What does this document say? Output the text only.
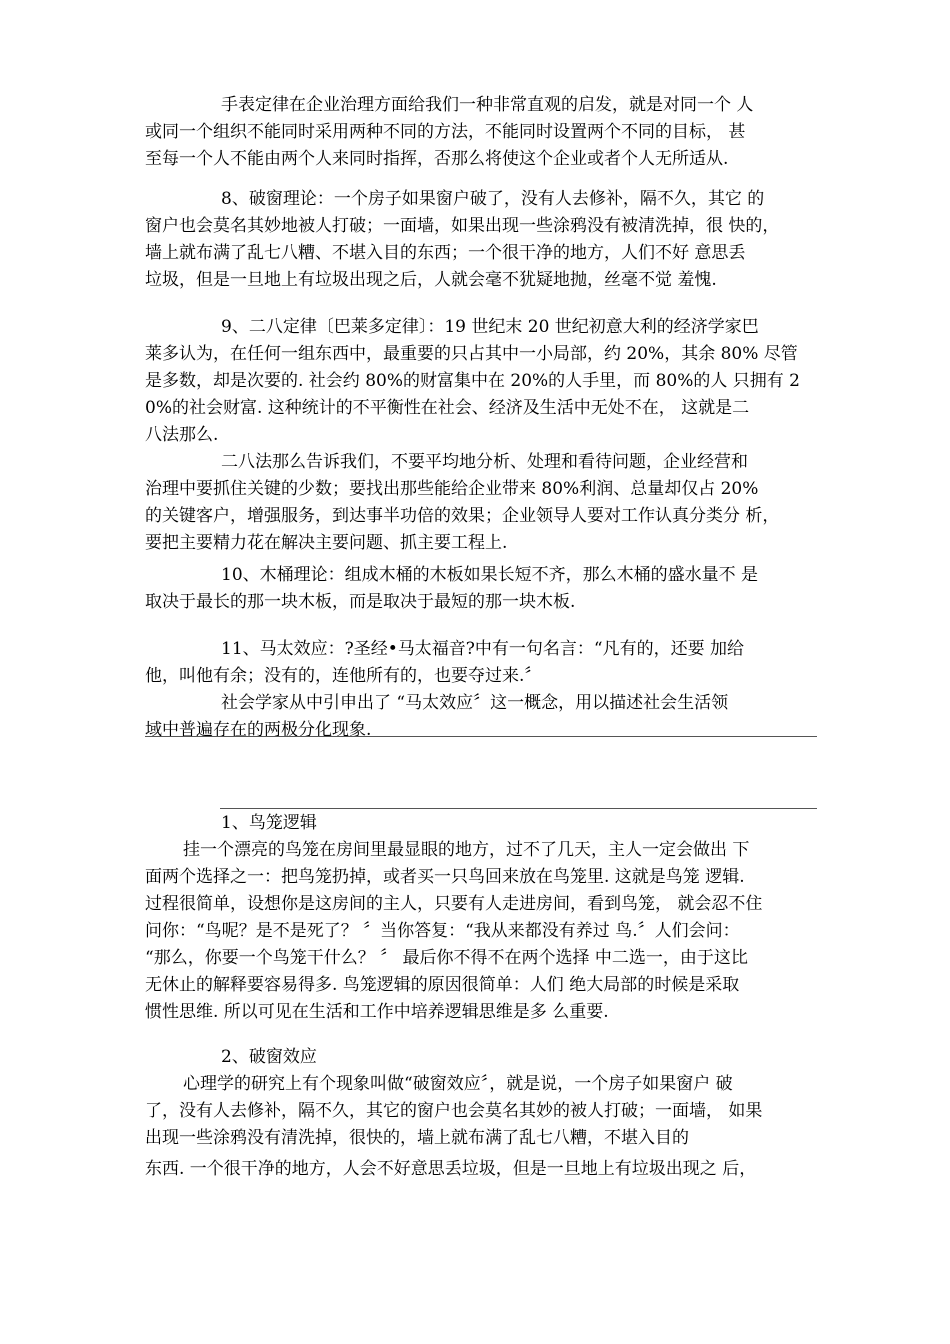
手表定律在企业治理方面给我们一种非常直观的启发，就是对同一个 人
或同一个组织不能同时采用两种不同的方法，不能同时设置两个不同的目标， 甚
至每一个人不能由两个人来同时指挥，否那么将使这个企业或者个人无所适从.
8、破窗理论：一个房子如果窗户破了，没有人去修补，隔不久，其它 的
窗户也会莫名其妙地被人打破；一面墙，如果出现一些涂鸦没有被清洗掉，很 快的，
墙上就布满了乱七八糟、不堪入目的东西；一个很干净的地方，人们不好 意思丢
垃圾，但是一旦地上有垃圾出现之后，人就会毫不犹疑地抛，丝毫不觉 羞愧.
9、二八定律〔巴莱多定律〕：19 世纪末 20 世纪初意大利的经济学家巴
莱多认为，在任何一组东西中，最重要的只占其中一小局部，约 20%，其余 80% 尽管
是多数，却是次要的. 社会约 80%的财富集中在 20%的人手里，而 80%的人 只拥有 2
0%的社会财富. 这种统计的不平衡性在社会、经济及生活中无处不在， 这就是二
八法那么.
二八法那么告诉我们，不要平均地分析、处理和看待问题，企业经营和
治理中要抓住关键的少数；要找出那些能给企业带来 80%利润、总量却仅占 20%
的关键客户，增强服务，到达事半功倍的效果；企业领导人要对工作认真分类分 析，
要把主要精力花在解决主要问题、抓主要工程上.
10、木桶理论：组成木桶的木板如果长短不齐，那么木桶的盛水量不 是
取决于最长的那一块木板，而是取决于最短的那一块木板.
11、马太效应：?圣经•马太福音?中有一句名言：“凡有的，还要 加给
他，叫他有余；没有的，连他所有的，也要夺过来.〞
社会学家从中引申出了 “马太效应〞这一概念，用以描述社会生活领
域中普遍存在的两极分化现象.
1、鸟笼逻辑
挂一个漂亮的鸟笼在房间里最显眼的地方，过不了几天，主人一定会做出 下
面两个选择之一：把鸟笼扔掉，或者买一只鸟回来放在鸟笼里. 这就是鸟笼 逻辑.
过程很简单，设想你是这房间的主人，只要有人走进房间，看到鸟笼， 就会忍不住
问你：“鸟呢？是不是死了？ 〞当你答复：“我从来都没有养过 鸟.〞人们会问：
“那么，你要一个鸟笼干什么？ 〞 最后你不得不在两个选择 中二选一，由于这比
无休止的解释要容易得多. 鸟笼逻辑的原因很简单：人们 绝大局部的时候是采取
惯性思维. 所以可见在生活和工作中培养逻辑思维是多 么重要.
2、破窗效应
心理学的研究上有个现象叫做“破窗效应〞，就是说，一个房子如果窗户 破
了，没有人去修补，隔不久，其它的窗户也会莫名其妙的被人打破；一面墙， 如果
出现一些涂鸦没有清洗掉，很快的，墙上就布满了乱七八糟，不堪入目的
东西. 一个很干净的地方，人会不好意思丢垃圾，但是一旦地上有垃圾出现之 后，
